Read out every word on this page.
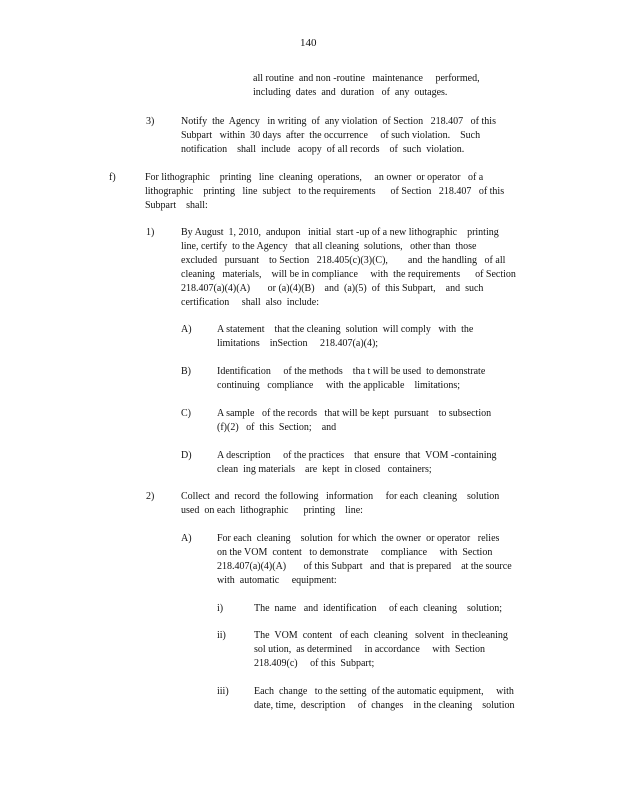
140
all routine  and non -routine   maintenance     performed,
including  dates  and  duration   of  any  outages.
3)	Notify  the  Agency   in writing  of  any violation  of Section   218.407   of this
Subpart   within  30 days  after  the occurrence     of such violation.    Such
notification    shall  include   acopy  of all records    of  such  violation.
f)	For lithographic    printing   line  cleaning  operations,     an owner  or operator   of a
lithographic    printing   line  subject   to the requirements      of Section   218.407   of this
Subpart    shall:
1)	By August  1, 2010,  andupon   initial  start -up of a new lithographic    printing
line, certify  to the Agency   that all cleaning  solutions,   other than  those
excluded   pursuant    to Section   218.405(c)(3)(C),        and  the handling   of all
cleaning   materials,    will be in compliance     with  the requirements      of Section
218.407(a)(4)(A)       or (a)(4)(B)    and  (a)(5)  of  this Subpart,    and  such
certification     shall  also  include:
A)	A statement    that the cleaning  solution  will comply   with  the
limitations    inSection     218.407(a)(4);
B)	Identification     of the methods    tha t will be used  to demonstrate
continuing   compliance     with  the applicable    limitations;
C)	A sample   of the records   that will be kept  pursuant    to subsection
(f)(2)   of  this  Section;    and
D)	A description     of the practices    that  ensure  that  VOM -containing
clean  ing materials    are  kept  in closed   containers;
2)	Collect  and  record  the following   information     for each  cleaning    solution
used  on each  lithographic      printing    line:
A)	For each  cleaning    solution  for which  the owner  or operator   relies
on the VOM  content   to demonstrate     compliance     with  Section
218.407(a)(4)(A)       of this Subpart   and  that is prepared    at the source
with  automatic     equipment:
i)	The  name   and  identification     of each  cleaning    solution;
ii)	The  VOM  content   of each  cleaning   solvent   in thecleaning
sol ution,  as determined     in accordance     with  Section
218.409(c)     of this  Subpart;
iii)	Each  change   to the setting  of the automatic equipment,     with
date, time,  description     of  changes    in the cleaning    solution
